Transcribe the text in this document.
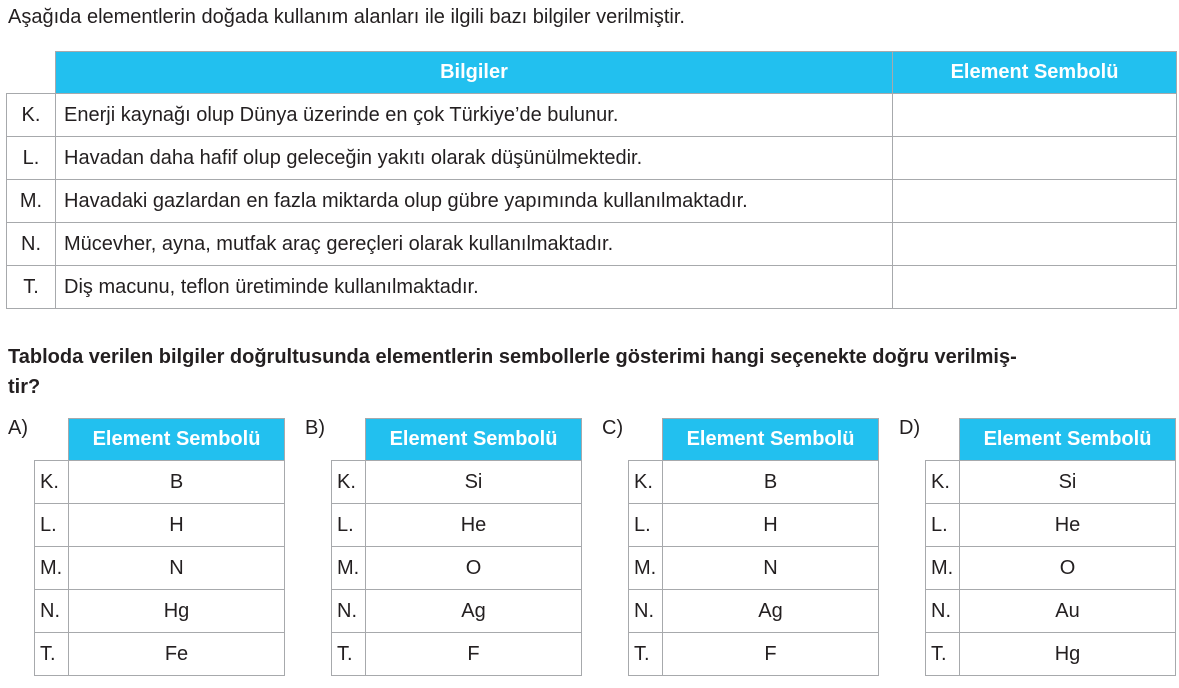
Aşağıda elementlerin doğada kullanım alanları ile ilgili bazı bilgiler verilmiştir.
	Bilgiler	Element Sembolü
K.	Enerji kaynağı olup Dünya üzerinde en çok Türkiye’de bulunur.	
L.	Havadan daha hafif olup geleceğin yakıtı olarak düşünülmektedir.	
M.	Havadaki gazlardan en fazla miktarda olup gübre yapımında kullanılmaktadır.	
N.	Mücevher, ayna, mutfak araç gereçleri olarak kullanılmaktadır.	
T.	Diş macunu, teflon üretiminde kullanılmaktadır.	
Tabloda verilen bilgiler doğrultusunda elementlerin sembollerle gösterimi hangi seçenekte doğru verilmiş-
tir?
A)
		Element Sembolü
K.	B
L.	H
M.	N
N.	Hg
T.	Fe
B)
		Element Sembolü
K.	Si
L.	He
M.	O
N.	Ag
T.	F
C)
		Element Sembolü
K.	B
L.	H
M.	N
N.	Ag
T.	F
D)
		Element Sembolü
K.	Si
L.	He
M.	O
N.	Au
T.	Hg
